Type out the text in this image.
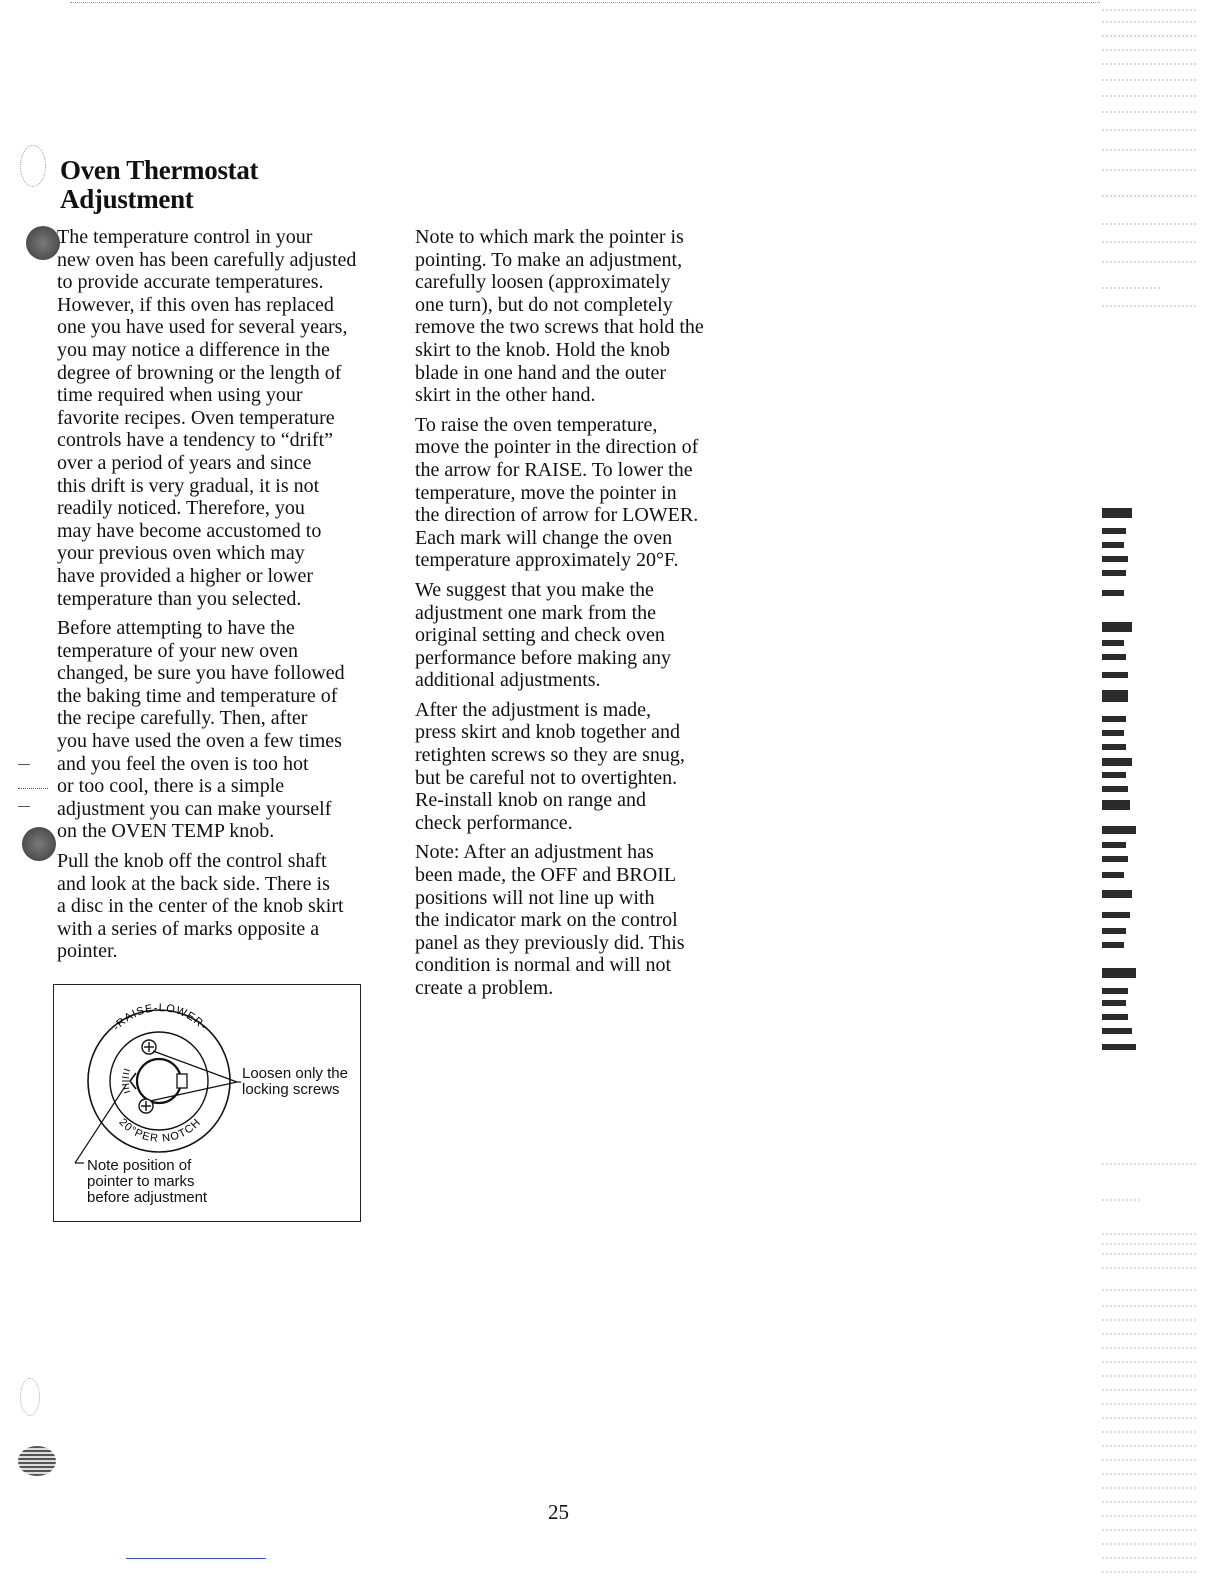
Oven Thermostat
Adjustment

The temperature control in your
new oven has been carefully adjusted
to provide accurate temperatures.
However, if this oven has replaced
one you have used for several years,
you may notice a difference in the
degree of browning or the length of
time required when using your
favorite recipes. Oven temperature
controls have a tendency to “drift”
over a period of years and since
this drift is very gradual, it is not
readily noticed. Therefore, you
may have become accustomed to
your previous oven which may
have provided a higher or lower
temperature than you selected.

Before attempting to have the
temperature of your new oven
changed, be sure you have followed
the baking time and temperature of
the recipe carefully. Then, after
you have used the oven a few times
and you feel the oven is too hot
or too cool, there is a simple
adjustment you can make yourself
on the OVEN TEMP knob.

Pull the knob off the control shaft
and look at the back side. There is
a disc in the center of the knob skirt
with a series of marks opposite a
pointer.

Note to which mark the pointer is
pointing. To make an adjustment,
carefully loosen (approximately
one turn), but do not completely
remove the two screws that hold the
skirt to the knob. Hold the knob
blade in one hand and the outer
skirt in the other hand.

To raise the oven temperature,
move the pointer in the direction of
the arrow for RAISE. To lower the
temperature, move the pointer in
the direction of arrow for LOWER.
Each mark will change the oven
temperature approximately 20°F.

We suggest that you make the
adjustment one mark from the
original setting and check oven
performance before making any
additional adjustments.

After the adjustment is made,
press skirt and knob together and
retighten screws so they are snug,
but be careful not to overtighten.
Re-install knob on range and
check performance.

Note: After an adjustment has
been made, the OFF and BROIL
positions will not line up with
the indicator mark on the control
panel as they previously did. This
condition is normal and will not
create a problem.

-RAISE-LOWER-
20°PER NOTCH
Loosen only the
locking screws
Note position of
pointer to marks
before adjustment
25
